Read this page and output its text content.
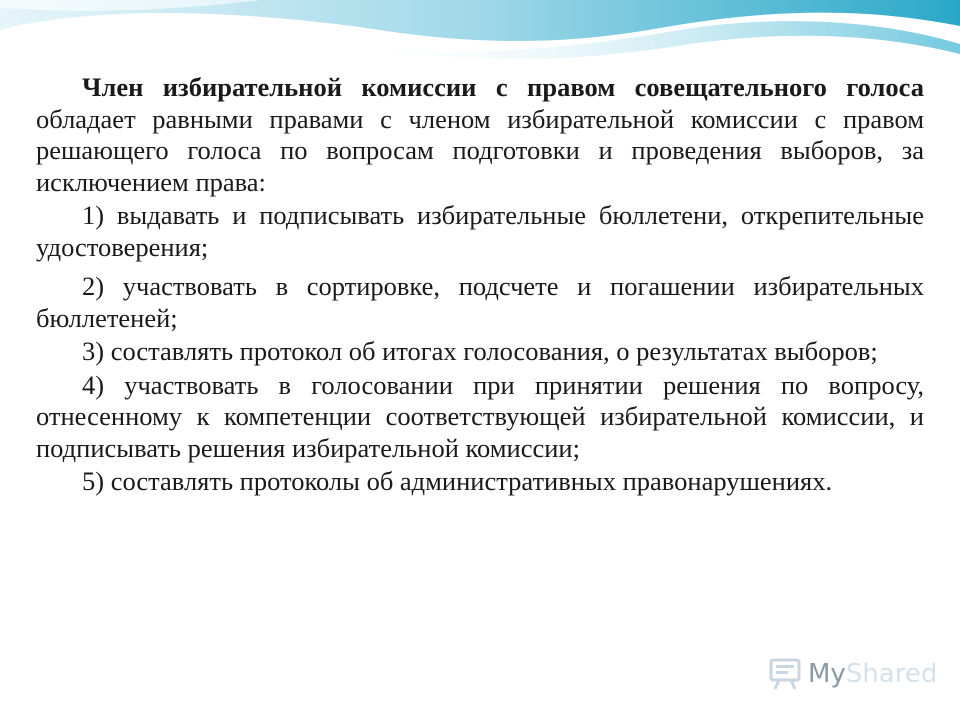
Член избирательной комиссии с правом совещательного голоса обладает равными правами с членом избирательной комиссии с правом решающего голоса по вопросам подготовки и проведения выборов, за исключением права:

1) выдавать и подписывать избирательные бюллетени, открепительные удостоверения;

2) участвовать в сортировке, подсчете и погашении избирательных бюллетеней;

3) составлять протокол об итогах голосования, о результатах выборов;

4) участвовать в голосовании при принятии решения по вопросу, отнесенному к компетенции соответствующей избирательной комиссии, и подписывать решения избирательной комиссии;

5) составлять протоколы об административных правонарушениях.

MyShared
